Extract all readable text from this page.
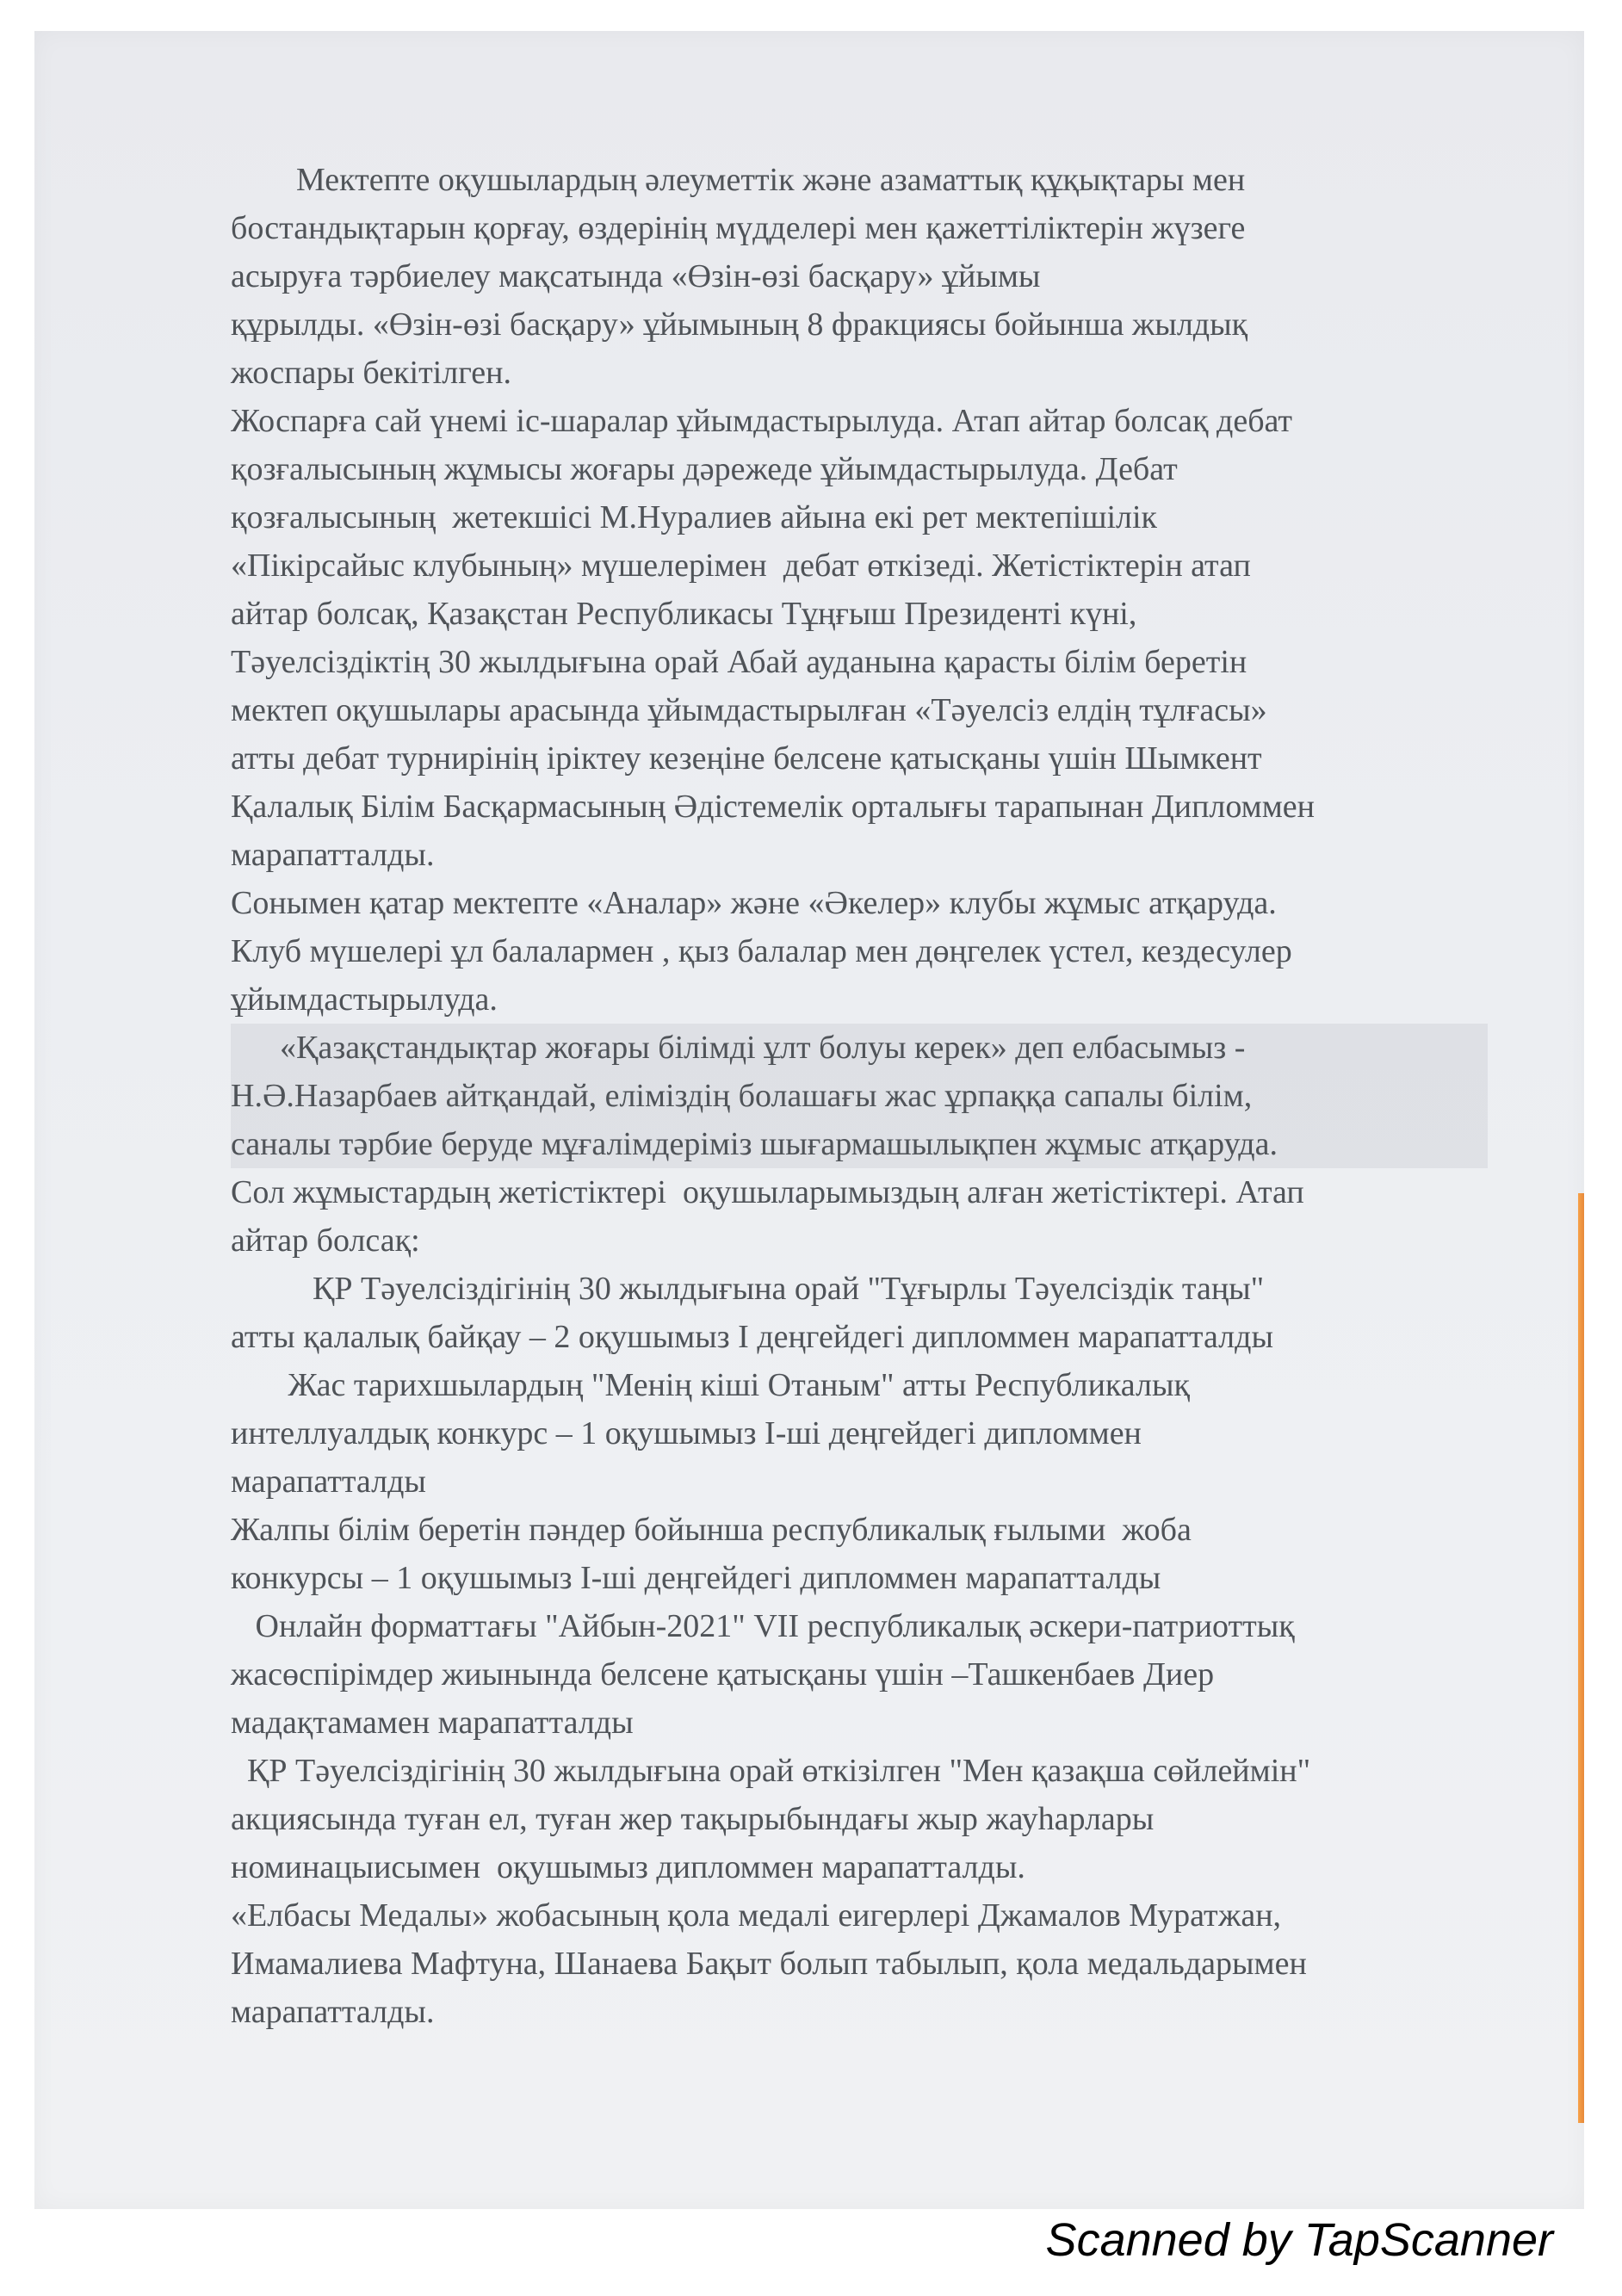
Мектепте оқушылардың әлеуметтік және азаматтық құқықтары мен
бостандықтарын қорғау, өздерінің мүдделері мен қажеттіліктерін жүзеге
асыруға тәрбиелеу мақсатында «Өзін-өзі басқару» ұйымы
құрылды. «Өзін-өзі басқару» ұйымының 8 фракциясы бойынша жылдық
жоспары бекітілген.

Жоспарға сай үнемі іс-шаралар ұйымдастырылуда. Атап айтар болсақ дебат
қозғалысының жұмысы жоғары дәрежеде ұйымдастырылуда. Дебат
қозғалысының  жетекшісі М.Нуралиев айына екі рет мектепішілік
«Пікірсайыс клубының» мүшелерімен  дебат өткізеді. Жетістіктерін атап
айтар болсақ, Қазақстан Республикасы Тұңғыш Президенті күні,
Тәуелсіздіктің 30 жылдығына орай Абай ауданына қарасты білім беретін
мектеп оқушылары арасында ұйымдастырылған «Тәуелсіз елдің тұлғасы»
атты дебат турнирінің іріктеу кезеңіне белсене қатысқаны үшін Шымкент
Қалалық Білім Басқармасының Әдістемелік орталығы тарапынан Дипломмен
марапатталды.

Сонымен қатар мектепте «Аналар» және «Әкелер» клубы жұмыс атқаруда.
Клуб мүшелері ұл балалармен , қыз балалар мен дөңгелек үстел, кездесулер
ұйымдастырылуда.

«Қазақстандықтар жоғары білімді ұлт болуы керек» деп елбасымыз -
Н.Ә.Назарбаев айтқандай, еліміздің болашағы жас ұрпаққа сапалы білім,
саналы тәрбие беруде мұғалімдеріміз шығармашылықпен жұмыс атқаруда.

Сол жұмыстардың жетістіктері  оқушыларымыздың алған жетістіктері. Атап
айтар болсақ:

ҚР Тәуелсіздігінің 30 жылдығына орай "Тұғырлы Тәуелсіздік таңы"
атты қалалық байқау – 2 оқушымыз I деңгейдегі дипломмен марапатталды

Жас тарихшылардың "Менің кіші Отаным" атты Республикалық
интеллуалдық конкурс – 1 оқушымыз I-ші деңгейдегі дипломмен
марапатталды

Жалпы білім беретін пәндер бойынша республикалық ғылыми  жоба
конкурсы – 1 оқушымыз I-ші деңгейдегі дипломмен марапатталды

Онлайн форматтағы "Айбын-2021" VII республикалық әскери-патриоттық
жасөспірімдер жиынында белсене қатысқаны үшін –Ташкенбаев Диер
мадақтамамен марапатталды

ҚР Тәуелсіздігінің 30 жылдығына орай өткізілген "Мен қазақша сөйлеймін"
акциясында туған ел, туған жер тақырыбындағы жыр жауһарлары
номинацыисымен  оқушымыз дипломмен марапатталды.

«Елбасы Медалы» жобасының қола медалі еигерлері Джамалов Муратжан,
Имамалиева Мафтуна, Шанаева Бақыт болып табылып, қола медальдарымен
марапатталды.

Scanned by TapScanner
